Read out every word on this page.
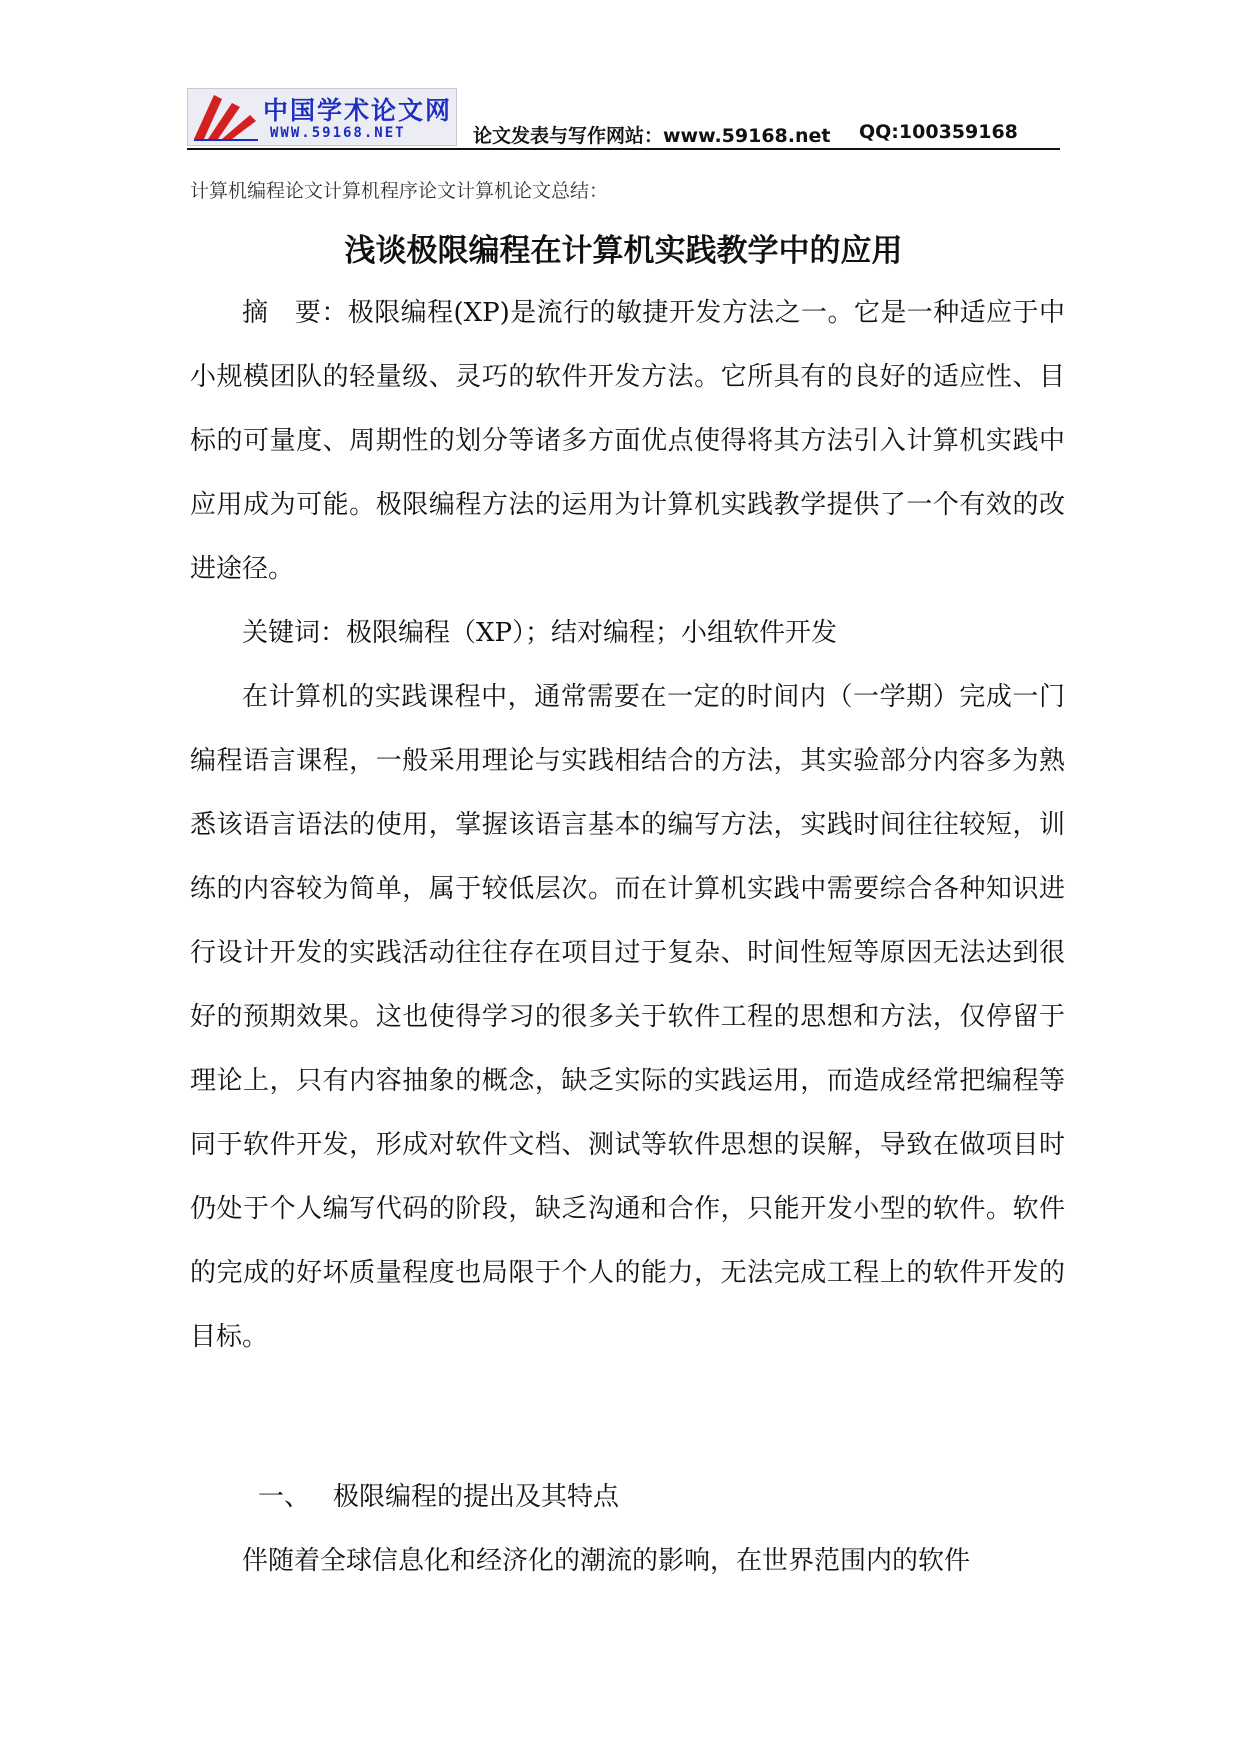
中国学术论文网
WWW.59168.NET	论文发表与写作网站：www.59168.net QQ:100359168
计算机编程论文计算机程序论文计算机论文总结：
浅谈极限编程在计算机实践教学中的应用

摘　要：极限编程(XP)是流行的敏捷开发方法之一。它是一种适应于中小规模团队的轻量级、灵巧的软件开发方法。它所具有的良好的适应性、目标的可量度、周期性的划分等诸多方面优点使得将其方法引入计算机实践中应用成为可能。极限编程方法的运用为计算机实践教学提供了一个有效的改进途径。

关键词：极限编程（XP）；结对编程；小组软件开发

在计算机的实践课程中，通常需要在一定的时间内（一学期）完成一门编程语言课程，一般采用理论与实践相结合的方法，其实验部分内容多为熟悉该语言语法的使用，掌握该语言基本的编写方法，实践时间往往较短，训练的内容较为简单，属于较低层次。而在计算机实践中需要综合各种知识进行设计开发的实践活动往往存在项目过于复杂、时间性短等原因无法达到很好的预期效果。这也使得学习的很多关于软件工程的思想和方法，仅停留于理论上，只有内容抽象的概念，缺乏实际的实践运用，而造成经常把编程等同于软件开发，形成对软件文档、测试等软件思想的误解，导致在做项目时仍处于个人编写代码的阶段，缺乏沟通和合作，只能开发小型的软件。软件的完成的好坏质量程度也局限于个人的能力，无法完成工程上的软件开发的目标。

一、 极限编程的提出及其特点

伴随着全球信息化和经济化的潮流的影响，在世界范围内的软件
